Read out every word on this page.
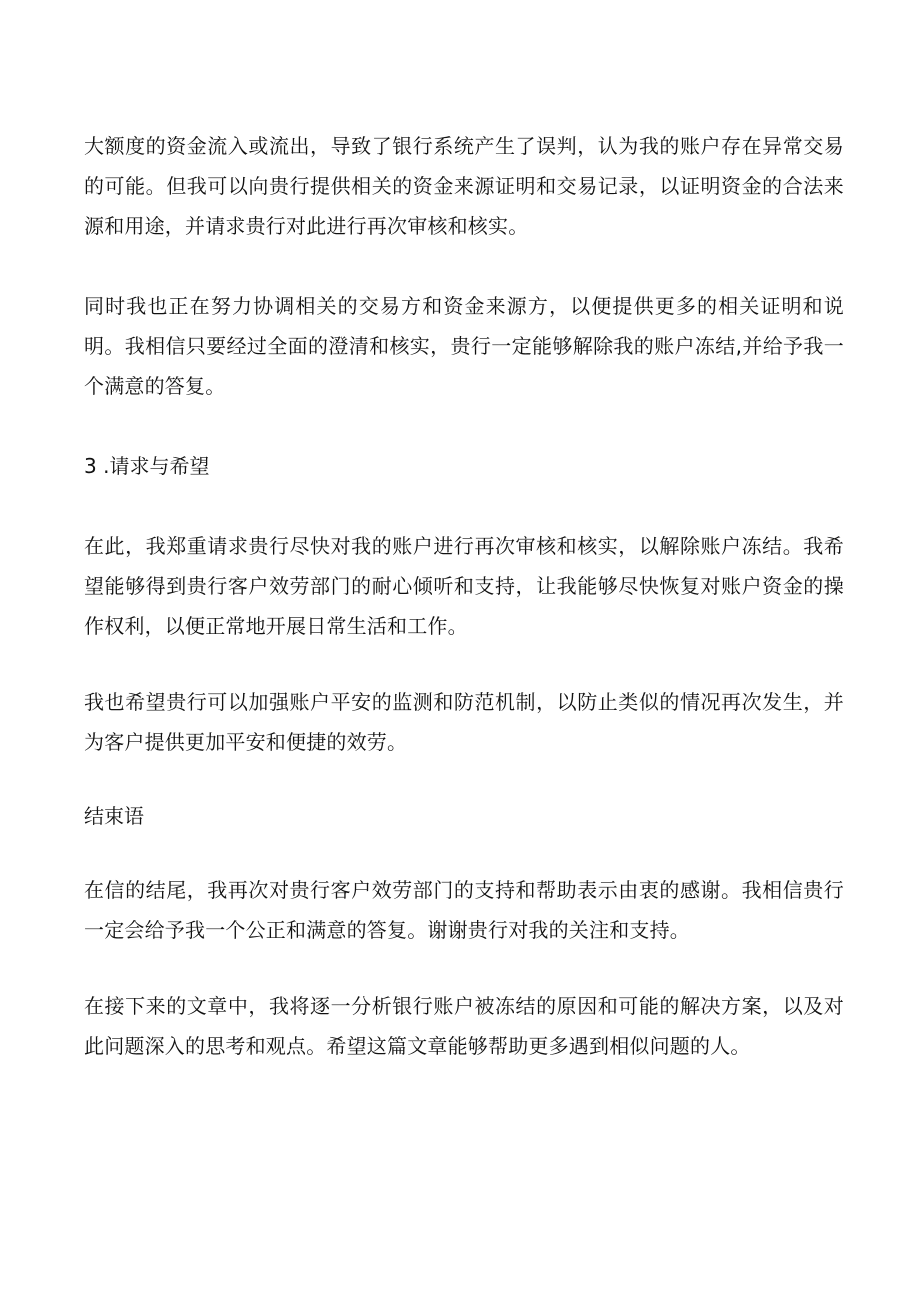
大额度的资金流入或流出，导致了银行系统产生了误判，认为我的账户存在异常交易的可能。但我可以向贵行提供相关的资金来源证明和交易记录，以证明资金的合法来源和用途，并请求贵行对此进行再次审核和核实。

同时我也正在努力协调相关的交易方和资金来源方，以便提供更多的相关证明和说明。我相信只要经过全面的澄清和核实，贵行一定能够解除我的账户冻结,并给予我一个满意的答复。

3 .请求与希望

在此，我郑重请求贵行尽快对我的账户进行再次审核和核实，以解除账户冻结。我希望能够得到贵行客户效劳部门的耐心倾听和支持，让我能够尽快恢复对账户资金的操作权利，以便正常地开展日常生活和工作。

我也希望贵行可以加强账户平安的监测和防范机制，以防止类似的情况再次发生，并为客户提供更加平安和便捷的效劳。

结束语

在信的结尾，我再次对贵行客户效劳部门的支持和帮助表示由衷的感谢。我相信贵行一定会给予我一个公正和满意的答复。谢谢贵行对我的关注和支持。

在接下来的文章中，我将逐一分析银行账户被冻结的原因和可能的解决方案，以及对此问题深入的思考和观点。希望这篇文章能够帮助更多遇到相似问题的人。
